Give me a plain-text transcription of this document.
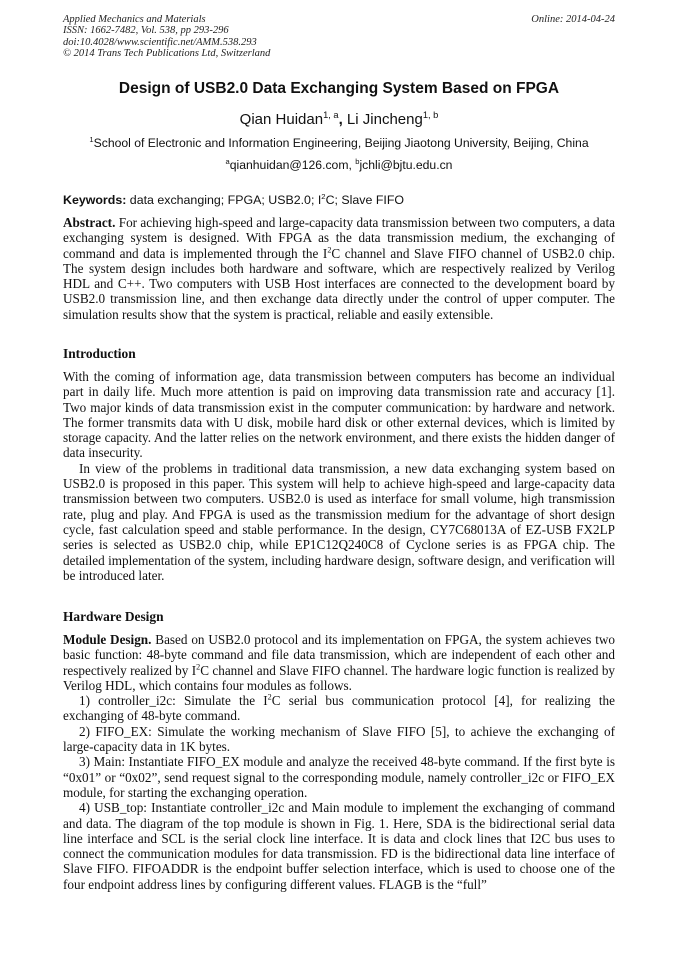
Applied Mechanics and Materials
ISSN: 1662-7482, Vol. 538, pp 293-296
doi:10.4028/www.scientific.net/AMM.538.293
© 2014 Trans Tech Publications Ltd, Switzerland
Online: 2014-04-24
Design of USB2.0 Data Exchanging System Based on FPGA
Qian Huidan$^{1, a}$, Li Jincheng$^{1, b}$
$^1$School of Electronic and Information Engineering, Beijing Jiaotong University, Beijing, China
$^a$qianhuidan@126.com, $^b$jchli@bjtu.edu.cn
Keywords: data exchanging; FPGA; USB2.0; $I^2C$; Slave FIFO

Abstract. For achieving high-speed and large-capacity data transmission between two computers, a data exchanging system is designed. With FPGA as the data transmission medium, the exchanging of command and data is implemented through the $I^2C$ channel and Slave FIFO channel of USB2.0 chip. The system design includes both hardware and software, which are respectively realized by Verilog HDL and C++. Two computers with USB Host interfaces are connected to the development board by USB2.0 transmission line, and then exchange data directly under the control of upper computer. The simulation results show that the system is practical, reliable and easily extensible.

Introduction

With the coming of information age, data transmission between computers has become an individual part in daily life. Much more attention is paid on improving data transmission rate and accuracy [1]. Two major kinds of data transmission exist in the computer communication: by hardware and network. The former transmits data with U disk, mobile hard disk or other external devices, which is limited by storage capacity. And the latter relies on the network environment, and there exists the hidden danger of data insecurity.

In view of the problems in traditional data transmission, a new data exchanging system based on USB2.0 is proposed in this paper. This system will help to achieve high-speed and large-capacity data transmission between two computers. USB2.0 is used as interface for small volume, high transmission rate, plug and play. And FPGA is used as the transmission medium for the advantage of short design cycle, fast calculation speed and stable performance. In the design, CY7C68013A of EZ-USB FX2LP series is selected as USB2.0 chip, while EP1C12Q240C8 of Cyclone series is as FPGA chip. The detailed implementation of the system, including hardware design, software design, and verification will be introduced later.

Hardware Design

Module Design. Based on USB2.0 protocol and its implementation on FPGA, the system achieves two basic function: 48-byte command and file data transmission, which are independent of each other and respectively realized by $I^2C$ channel and Slave FIFO channel. The hardware logic function is realized by Verilog HDL, which contains four modules as follows.

1) controller_i2c: Simulate the $I^2C$ serial bus communication protocol [4], for realizing the exchanging of 48-byte command.

2) FIFO_EX: Simulate the working mechanism of Slave FIFO [5], to achieve the exchanging of large-capacity data in 1K bytes.

3) Main: Instantiate FIFO_EX module and analyze the received 48-byte command. If the first byte is “0x01” or “0x02”, send request signal to the corresponding module, namely controller_i2c or FIFO_EX module, for starting the exchanging operation.

4) USB_top: Instantiate controller_i2c and Main module to implement the exchanging of command and data. The diagram of the top module is shown in Fig. 1. Here, SDA is the bidirectional serial data line interface and SCL is the serial clock line interface. It is data and clock lines that I2C bus uses to connect the communication modules for data transmission. FD is the bidirectional data line interface of Slave FIFO. FIFOADDR is the endpoint buffer selection interface, which is used to choose one of the four endpoint address lines by configuring different values. FLAGB is the “full”
